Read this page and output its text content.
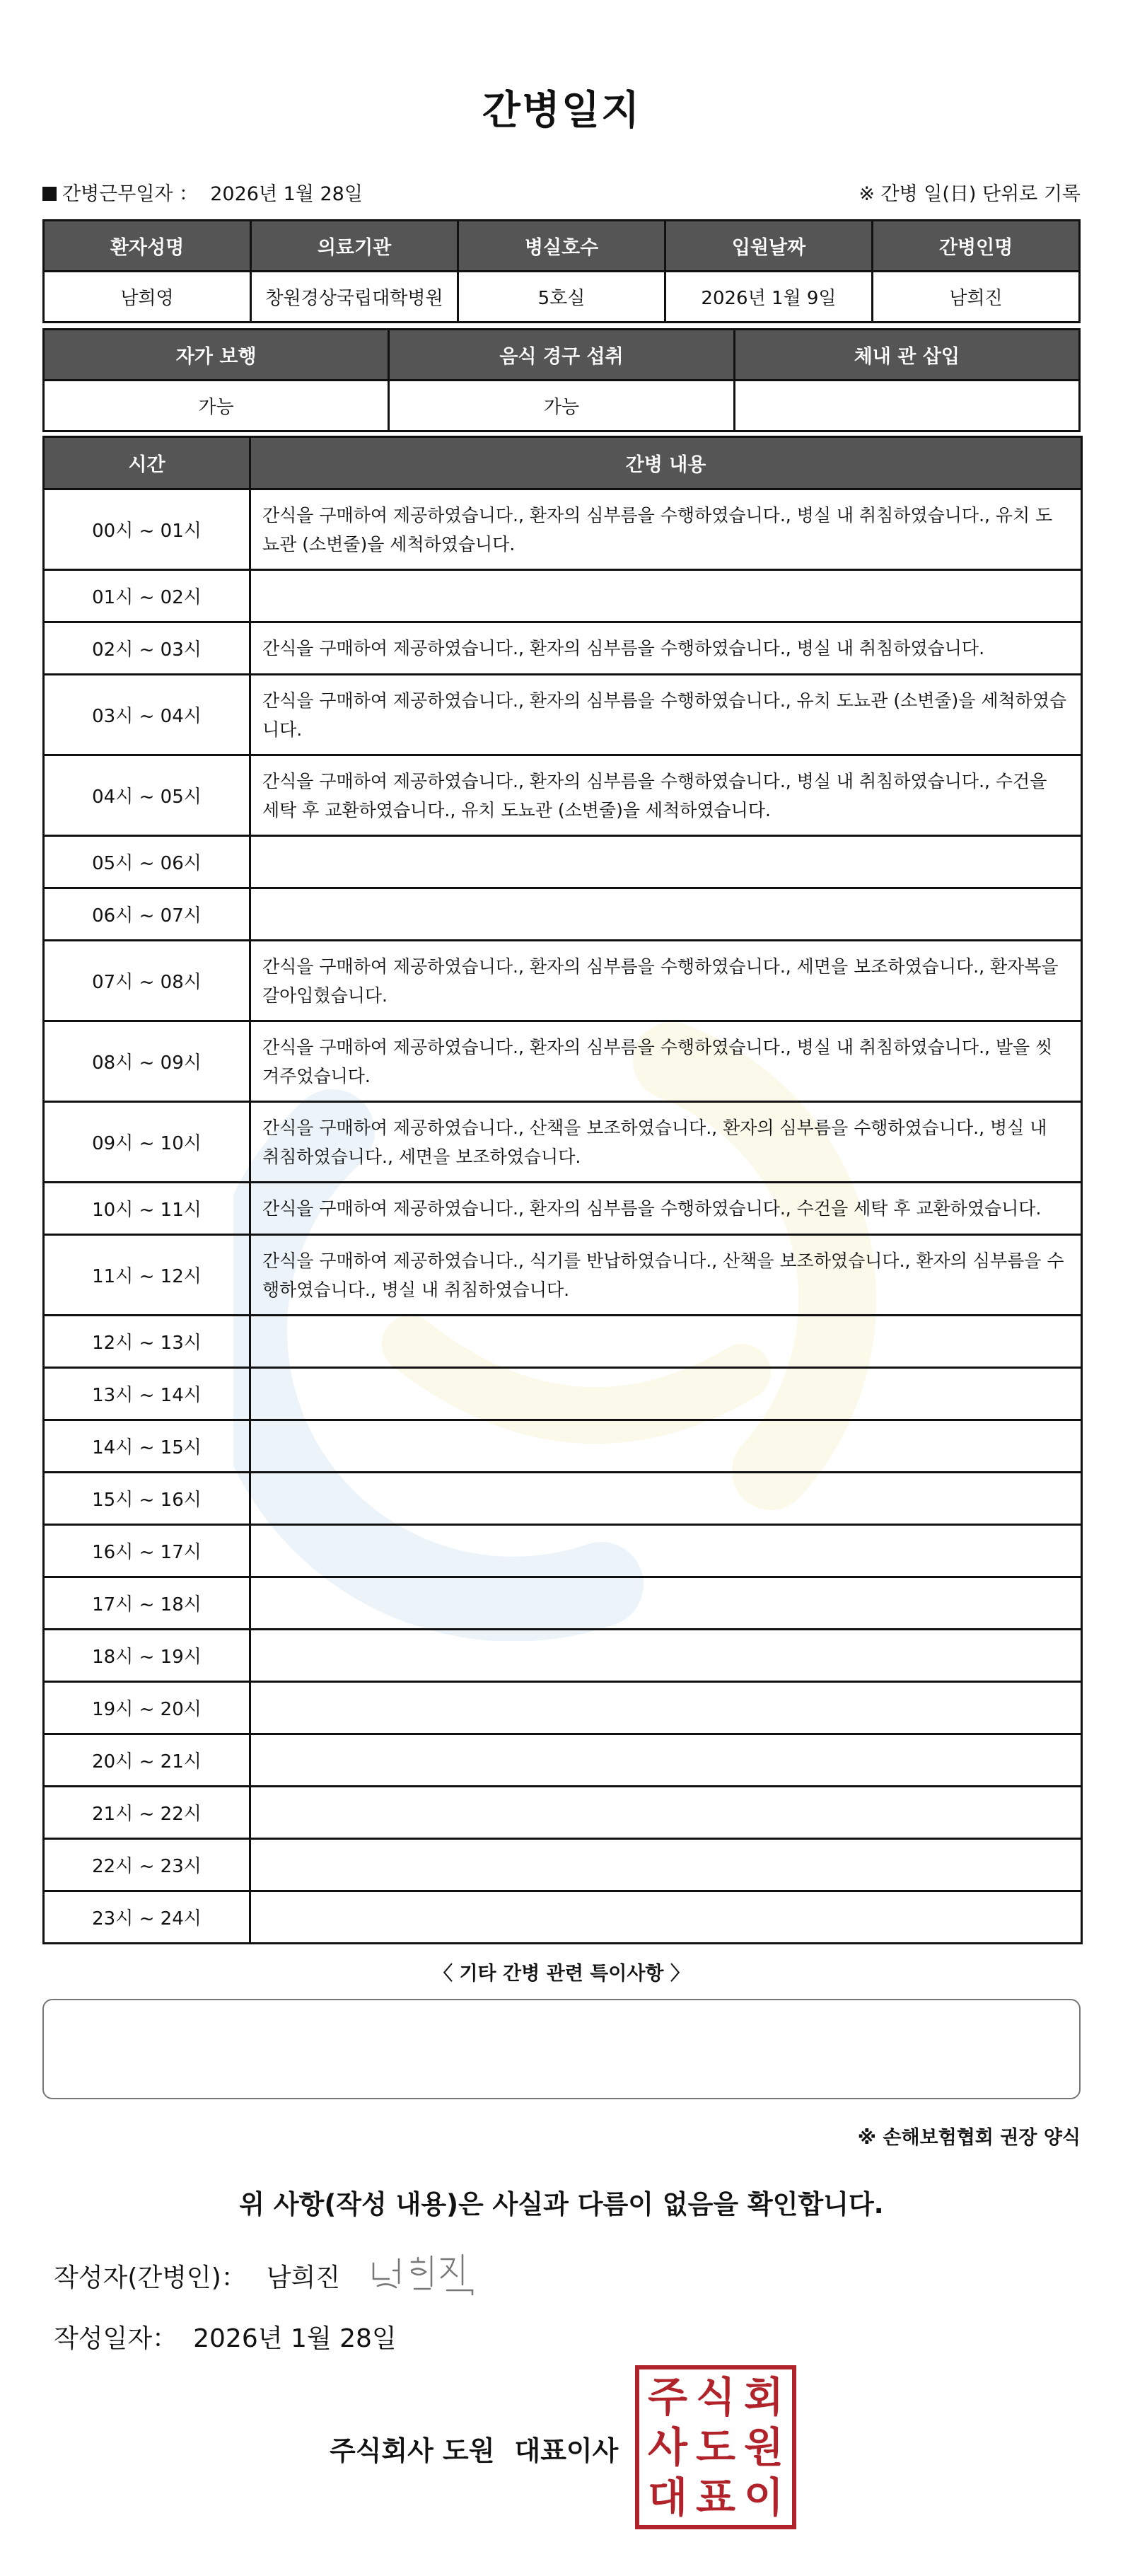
간병일지
간병근무일자 ： 2026년 1월 28일	※ 간병 일(日) 단위로 기록
환자성명	의료기관	병실호수	입원날짜	간병인명
남희영	창원경상국립대학병원	5호실	2026년 1월 9일	남희진
자가 보행	음식 경구 섭취	체내 관 삽입
가능	가능	
시간	간병 내용
00시 ~ 01시	간식을 구매하여 제공하였습니다., 환자의 심부름을 수행하였습니다., 병실 내 취침하였습니다., 유치 도뇨관 (소변줄)을 세척하였습니다.
01시 ~ 02시	
02시 ~ 03시	간식을 구매하여 제공하였습니다., 환자의 심부름을 수행하였습니다., 병실 내 취침하였습니다.
03시 ~ 04시	간식을 구매하여 제공하였습니다., 환자의 심부름을 수행하였습니다., 유치 도뇨관 (소변줄)을 세척하였습니다.
04시 ~ 05시	간식을 구매하여 제공하였습니다., 환자의 심부름을 수행하였습니다., 병실 내 취침하였습니다., 수건을 세탁 후 교환하였습니다., 유치 도뇨관 (소변줄)을 세척하였습니다.
05시 ~ 06시	
06시 ~ 07시	
07시 ~ 08시	간식을 구매하여 제공하였습니다., 환자의 심부름을 수행하였습니다., 세면을 보조하였습니다., 환자복을 갈아입혔습니다.
08시 ~ 09시	간식을 구매하여 제공하였습니다., 환자의 심부름을 수행하였습니다., 병실 내 취침하였습니다., 발을 씻겨주었습니다.
09시 ~ 10시	간식을 구매하여 제공하였습니다., 산책을 보조하였습니다., 환자의 심부름을 수행하였습니다., 병실 내 취침하였습니다., 세면을 보조하였습니다.
10시 ~ 11시	간식을 구매하여 제공하였습니다., 환자의 심부름을 수행하였습니다., 수건을 세탁 후 교환하였습니다.
11시 ~ 12시	간식을 구매하여 제공하였습니다., 식기를 반납하였습니다., 산책을 보조하였습니다., 환자의 심부름을 수행하였습니다., 병실 내 취침하였습니다.
12시 ~ 13시	
13시 ~ 14시	
14시 ~ 15시	
15시 ~ 16시	
16시 ~ 17시	
17시 ~ 18시	
18시 ~ 19시	
19시 ~ 20시	
20시 ~ 21시	
21시 ~ 22시	
22시 ~ 23시	
23시 ~ 24시	
〈 기타 간병 관련 특이사항 〉
※ 손해보험협회 권장 양식
위 사항(작성 내용)은 사실과 다름이 없음을 확인합니다.
작성자(간병인)： 남희진
작성일자： 2026년 1월 28일
주식회사 도원 대표이사
주 식 회
사 도 원
대 표 이
